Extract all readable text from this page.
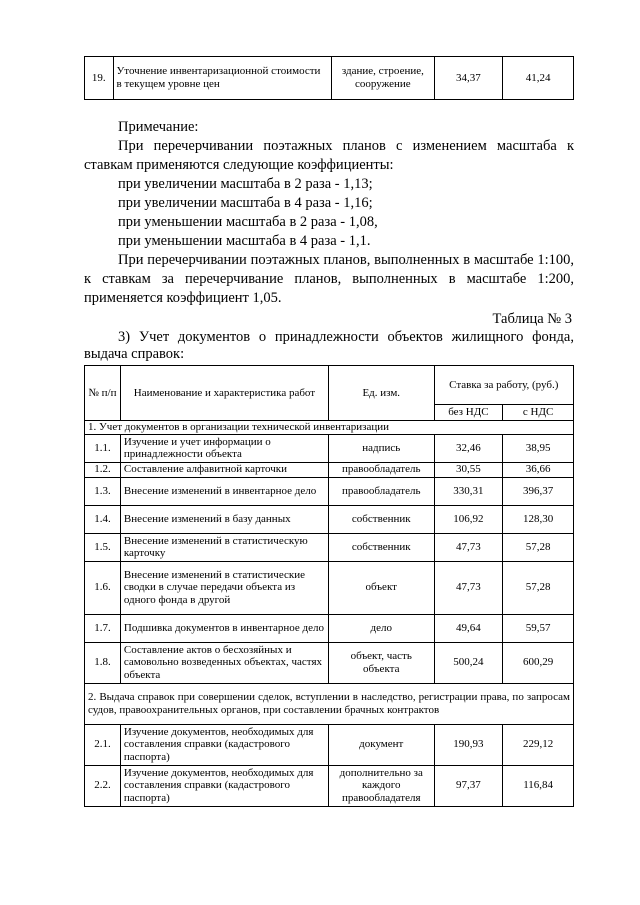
19.	Уточнение инвентаризационной стоимости в текущем уровне цен	здание, строение, сооружение	34,37	41,24
Примечание:
При перечерчивании поэтажных планов с изменением масштаба к ставкам применяются следующие коэффициенты:
при увеличении масштаба в 2 раза - 1,13;
при увеличении масштаба в 4 раза - 1,16;
при уменьшении масштаба в 2 раза - 1,08,
при уменьшении масштаба в 4 раза - 1,1.
При перечерчивании поэтажных планов, выполненных в масштабе 1:100, к ставкам за перечерчивание планов, выполненных в масштабе 1:200, применяется коэффициент 1,05.
Таблица № 3
3) Учет документов о принадлежности объектов жилищного фонда, выдача справок:
№ п/п	Наименование и характеристика работ	Ед. изм.	Ставка за работу, (руб.)	
			без НДС	с НДС
1. Учет документов в организации технической инвентаризации				
1.1.	Изучение и учет информации о принадлежности объекта	надпись	32,46	38,95
1.2.	Составление алфавитной карточки	правообладатель	30,55	36,66
1.3.	Внесение изменений в инвентарное дело	правообладатель	330,31	396,37
1.4.	Внесение изменений в базу данных	собственник	106,92	128,30
1.5.	Внесение изменений в статистическую карточку	собственник	47,73	57,28
1.6.	Внесение изменений в статистические сводки в случае передачи объекта из одного фонда в другой	объект	47,73	57,28
1.7.	Подшивка документов в инвентарное дело	дело	49,64	59,57
1.8.	Составление актов о бесхозяйных и самовольно возведенных объектах, частях объекта	объект, часть объекта	500,24	600,29
2. Выдача справок при совершении сделок, вступлении в наследство, регистрации права, по запросам судов, правоохранительных органов, при составлении брачных контрактов				
2.1.	Изучение документов, необходимых для составления справки (кадастрового паспорта)	документ	190,93	229,12
2.2.	Изучение документов, необходимых для составления справки (кадастрового паспорта)	дополнительно за каждого правообладателя	97,37	116,84
